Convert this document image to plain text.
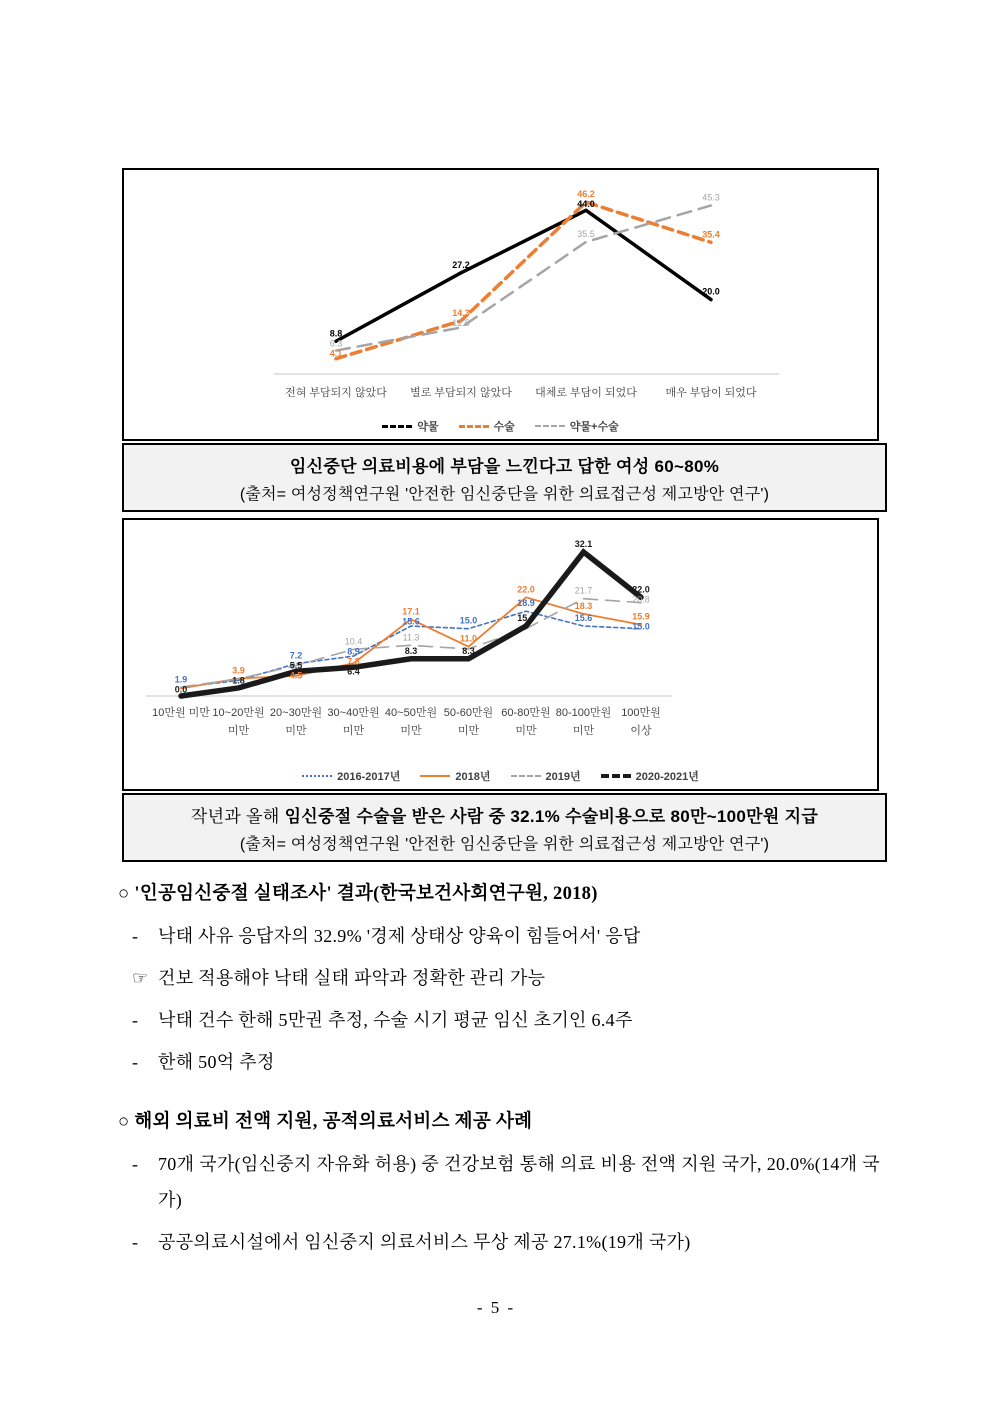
전혀 부담되지 않았다 별로 부담되지 않았다 대체로 부담이 되었다	매우 부담이 되었다
8.8
6.3
4.1
27.2
14.3
12.5
46.2
44.0
35.5
45.3
35.4
20.0
약물	수술	약물+수술

임신중단 의료비용에 부담을 느낀다고 답한 여성 60~80%

(출처= 여성정책연구원 '안전한 임신중단을 위한 의료접근성 제고방안 연구')

10만원 미만 10~20만원
미만
20~30만원
미만
30~40만원
미만
40~50만원
미만
50-60만원
미만
60-80만원
미만
80-100만원
미만
100만원
이상
1.9
0.0
3.9
1.8
7.2
5.5
4.5
10.4
8.9
7.3
6.4
17.1
15.6
11.3
8.3
15.0
11.0
8.3
22.0
18.9
15.6
32.1
21.7
18.3
15.6
22.0
20.8
15.9
15.0
2016-2017년	2018년	2019년	2020-2021년

작년과 올해 임신중절 수술을 받은 사람 중 32.1% 수술비용으로 80만~100만원 지급

(출처= 여성정책연구원 '안전한 임신중단을 위한 의료접근성 제고방안 연구')

○ '인공임신중절 실태조사' 결과(한국보건사회연구원, 2018)

-	낙태 사유 응답자의 32.9% '경제 상태상 양육이 힘들어서' 응답

☞ 건보 적용해야 낙태 실태 파악과 정확한 관리 가능

-	낙태 건수 한해 5만권 추정, 수술 시기 평균 임신 초기인 6.4주

-	한해 50억 추정

○ 해외 의료비 전액 지원, 공적의료서비스 제공 사례

-	70개 국가(임신중지 자유화 허용) 중 건강보험 통해 의료 비용 전액 지원 국가, 20.0%(14개 국가)

-	공공의료시설에서 임신중지 의료서비스 무상 제공 27.1%(19개 국가)

- 5 -
